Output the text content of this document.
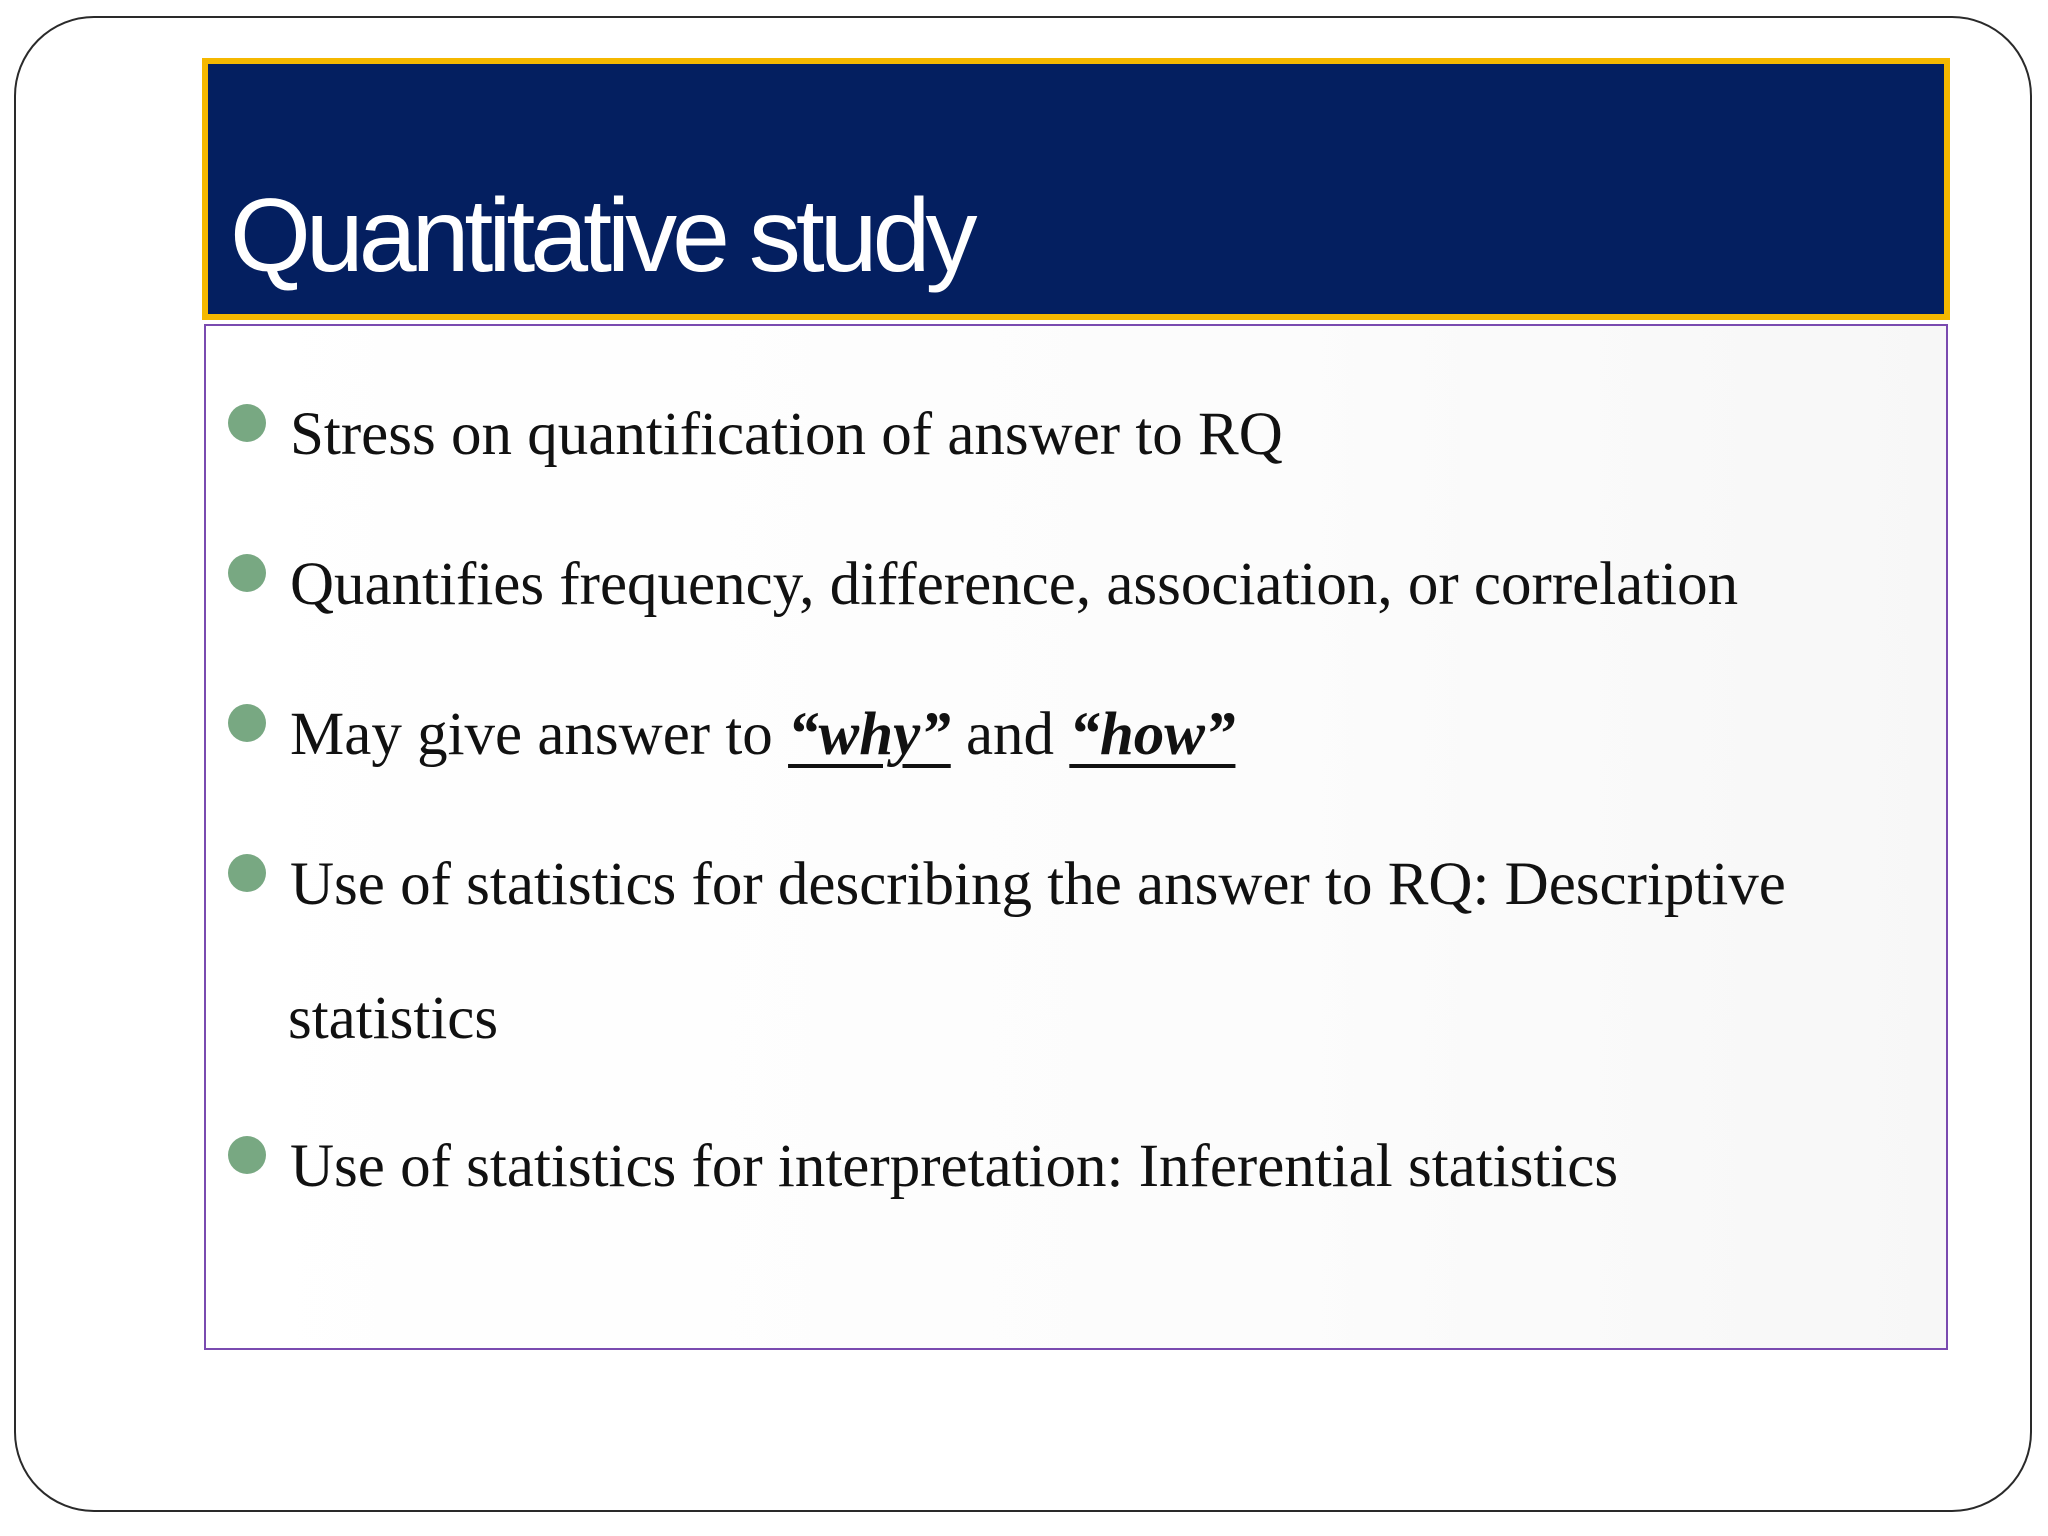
Quantitative study
Stress on quantification of answer to RQ
Quantifies frequency, difference, association, or correlation
May give answer to “why” and “how”
Use of statistics for describing the answer to RQ: Descriptive
statistics
Use of statistics for interpretation: Inferential statistics
